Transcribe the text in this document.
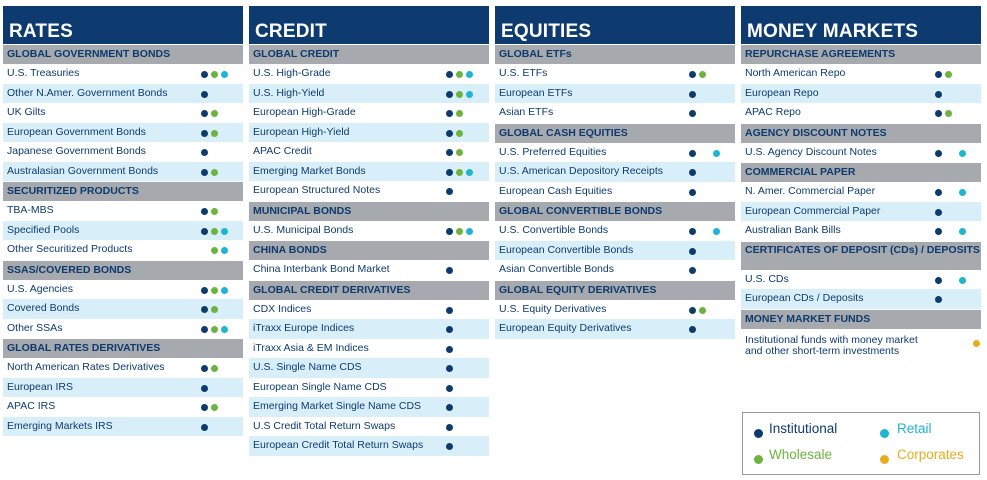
RATES
GLOBAL GOVERNMENT BONDS
U.S. Treasuries
Other N.Amer. Government Bonds
UK Gilts
European Government Bonds
Japanese Government Bonds
Australasian Government Bonds
SECURITIZED PRODUCTS
TBA-MBS
Specified Pools
Other Securitized Products
SSAS/COVERED BONDS
U.S. Agencies
Covered Bonds
Other SSAs
GLOBAL RATES DERIVATIVES
North American Rates Derivatives
European IRS
APAC IRS
Emerging Markets IRS
CREDIT
GLOBAL CREDIT
U.S. High-Grade
U.S. High-Yield
European High-Grade
European High-Yield
APAC Credit
Emerging Market Bonds
European Structured Notes
MUNICIPAL BONDS
U.S. Municipal Bonds
CHINA BONDS
China Interbank Bond Market
GLOBAL CREDIT DERIVATIVES
CDX Indices
iTraxx Europe Indices
iTraxx Asia & EM Indices
U.S. Single Name CDS
European Single Name CDS
Emerging Market Single Name CDS
U.S Credit Total Return Swaps
European Credit Total Return Swaps
EQUITIES
GLOBAL ETFs
U.S. ETFs
European ETFs
Asian ETFs
GLOBAL CASH EQUITIES
U.S. Preferred Equities
U.S. American Depository Receipts
European Cash Equities
GLOBAL CONVERTIBLE BONDS
U.S. Convertible Bonds
European Convertible Bonds
Asian Convertible Bonds
GLOBAL EQUITY DERIVATIVES
U.S. Equity Derivatives
European Equity Derivatives
MONEY MARKETS
REPURCHASE AGREEMENTS
North American Repo
European Repo
APAC Repo
AGENCY DISCOUNT NOTES
U.S. Agency Discount Notes
COMMERCIAL PAPER
N. Amer. Commercial Paper
European Commercial Paper
Australian Bank Bills
CERTIFICATES OF DEPOSIT (CDs) / DEPOSITS
U.S. CDs
European CDs / Deposits
MONEY MARKET FUNDS
Institutional funds with money market and other short-term investments
Institutional	Retail
Wholesale	Corporates
